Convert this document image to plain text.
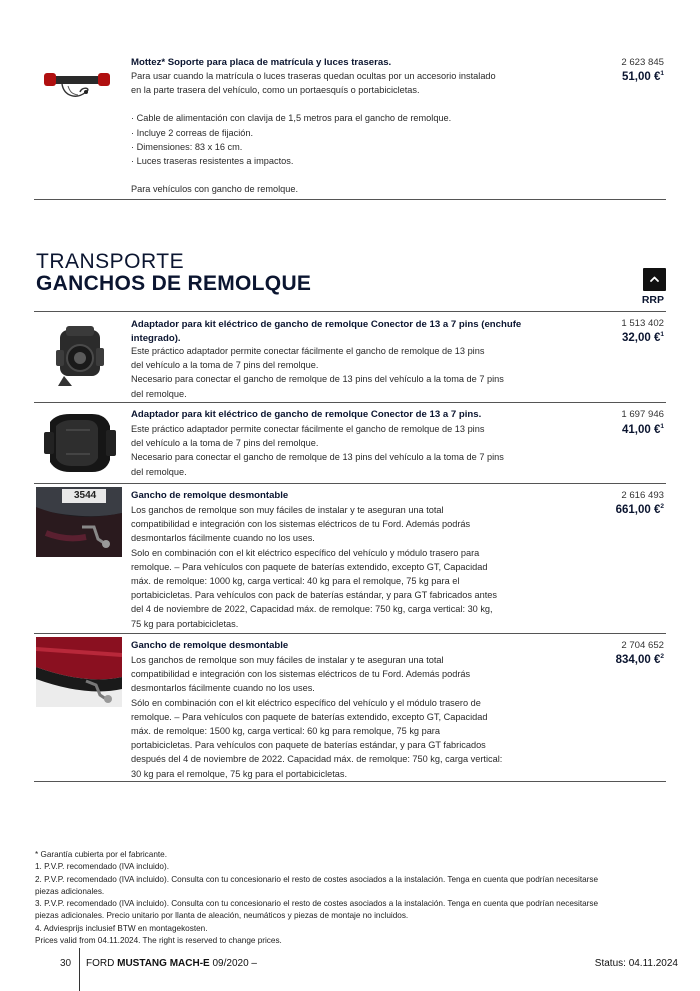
Mottez* Soporte para placa de matrícula y luces traseras.

Para usar cuando la matrícula o luces traseras quedan ocultas por un accesorio instalado

en la parte trasera del vehículo, como un portaesquís o portabicicletas.

· Cable de alimentación con clavija de 1,5 metros para el gancho de remolque.

· Incluye 2 correas de fijación.

· Dimensiones: 83 x 16 cm.

· Luces traseras resistentes a impactos.

Para vehículos con gancho de remolque.

2 623 845
51,00 €$^1$
TRANSPORTE
GANCHOS DE REMOLQUE
RRP
Adaptador para kit eléctrico de gancho de remolque Conector de 13 a 7 pins (enchufe
integrado).

Este práctico adaptador permite conectar fácilmente el gancho de remolque de 13 pins

del vehículo a la toma de 7 pins del remolque.

Necesario para conectar el gancho de remolque de 13 pins del vehículo a la toma de 7 pins

del remolque.

1 513 402
32,00 €$^1$
Adaptador para kit eléctrico de gancho de remolque Conector de 13 a 7 pins.

Este práctico adaptador permite conectar fácilmente el gancho de remolque de 13 pins

del vehículo a la toma de 7 pins del remolque.

Necesario para conectar el gancho de remolque de 13 pins del vehículo a la toma de 7 pins

del remolque.

1 697 946
41,00 €$^1$
3544	Gancho de remolque desmontable

Los ganchos de remolque son muy fáciles de instalar y te aseguran una total

compatibilidad e integración con los sistemas eléctricos de tu Ford. Además podrás

desmontarlos fácilmente cuando no los uses.

Solo en combinación con el kit eléctrico específico del vehículo y módulo trasero para

remolque. – Para vehículos con paquete de baterías extendido, excepto GT, Capacidad

máx. de remolque: 1000 kg, carga vertical: 40 kg para el remolque, 75 kg para el

portabicicletas. Para vehículos con pack de baterías estándar, y para GT fabricados antes

del 4 de noviembre de 2022, Capacidad máx. de remolque: 750 kg, carga vertical: 30 kg,

75 kg para portabicicletas.

2 616 493
661,00 €$^2$
Gancho de remolque desmontable

Los ganchos de remolque son muy fáciles de instalar y te aseguran una total

compatibilidad e integración con los sistemas eléctricos de tu Ford. Además podrás

desmontarlos fácilmente cuando no los uses.

Sólo en combinación con el kit eléctrico específico del vehículo y el módulo trasero de

remolque. – Para vehículos con paquete de baterías extendido, excepto GT, Capacidad

máx. de remolque: 1500 kg, carga vertical: 60 kg para remolque, 75 kg para

portabicicletas. Para vehículos con paquete de baterías estándar, y para GT fabricados

después del 4 de noviembre de 2022. Capacidad máx. de remolque: 750 kg, carga vertical:

30 kg para el remolque, 75 kg para el portabicicletas.

2 704 652
834,00 €$^2$

* Garantía cubierta por el fabricante.

1. P.V.P. recomendado (IVA incluido).

2. P.V.P. recomendado (IVA incluido). Consulta con tu concesionario el resto de costes asociados a la instalación. Tenga en cuenta que podrían necesitarse

piezas adicionales.

3. P.V.P. recomendado (IVA incluido). Consulta con tu concesionario el resto de costes asociados a la instalación. Tenga en cuenta que podrían necesitarse

piezas adicionales. Precio unitario por llanta de aleación, neumáticos y piezas de montaje no incluidos.

4. Adviesprijs inclusief BTW en montagekosten.

Prices valid from 04.11.2024. The right is reserved to change prices.

30 FORD MUSTANG MACH-E 09/2020 –	Status: 04.11.2024
